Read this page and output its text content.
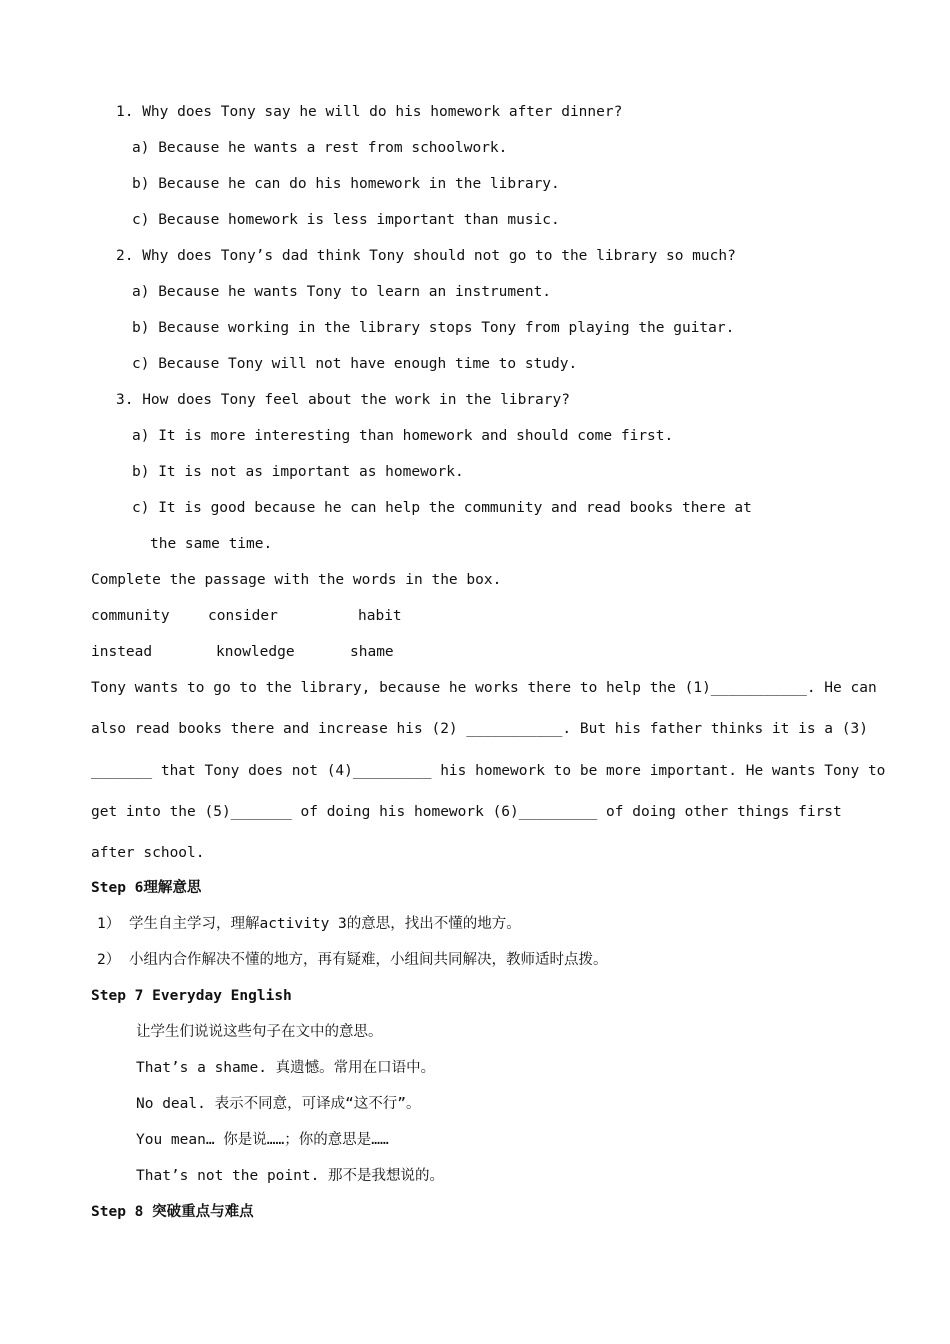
1. Why does Tony say he will do his homework after dinner?
a) Because he wants a rest from schoolwork.
b) Because he can do his homework in the library.
c) Because homework is less important than music.
2. Why does Tony’s dad think Tony should not go to the library so much?
a) Because he wants Tony to learn an instrument.
b) Because working in the library stops Tony from playing the guitar.
c) Because Tony will not have enough time to study.
3. How does Tony feel about the work in the library?
a) It is more interesting than homework and should come first.
b) It is not as important as homework.
c) It is good because he can help the community and read books there at
the same time.
Complete the passage with the words in the box.
community	consider	habit
instead	knowledge	shame
Tony wants to go to the library, because he works there to help the (1)___________. He can
also read books there and increase his (2) ___________. But his father thinks it is a (3)
_______ that Tony does not (4)_________ his homework to be more important. He wants Tony to
get into the (5)_______ of doing his homework (6)_________ of doing other things first
after school.
Step 6理解意思
1） 学生自主学习，理解activity 3的意思，找出不懂的地方。
2） 小组内合作解决不懂的地方，再有疑难，小组间共同解决，教师适时点拨。
Step 7 Everyday English
让学生们说说这些句子在文中的意思。
That’s a shame. 真遗憾。常用在口语中。
No deal. 表示不同意，可译成“这不行”。
You mean… 你是说……；你的意思是……
That’s not the point. 那不是我想说的。
Step 8 突破重点与难点
